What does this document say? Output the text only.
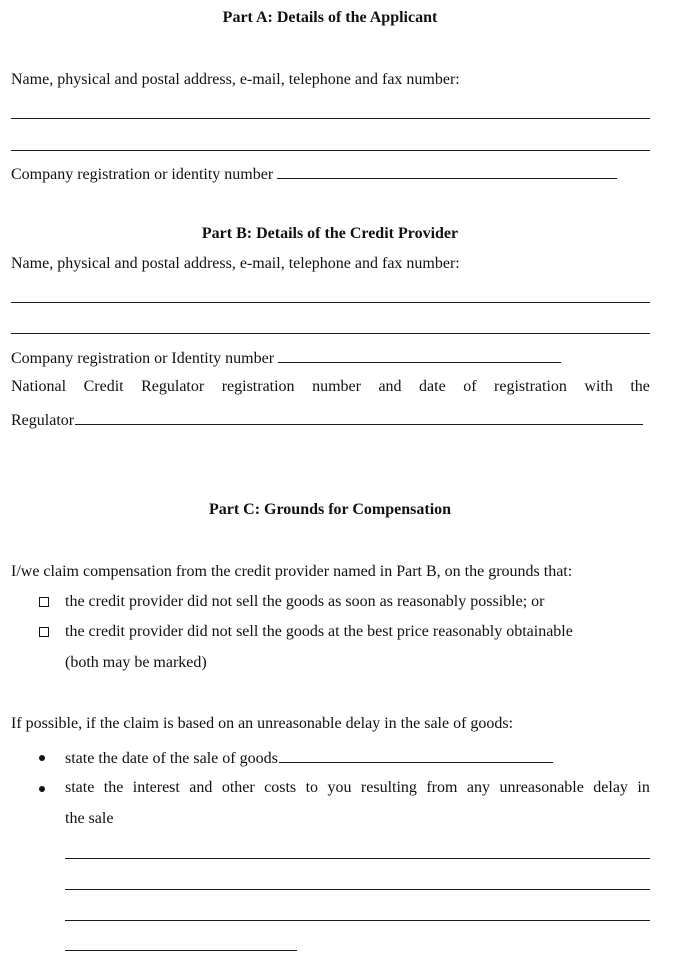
Part A: Details of the Applicant
Name, physical and postal address, e-mail, telephone and fax number:
Company registration or identity number
Part B: Details of the Credit Provider
Name, physical and postal address, e-mail, telephone and fax number:
Company registration or Identity number
National Credit Regulator registration number and date of registration with the
Regulator
Part C: Grounds for Compensation
I/we claim compensation from the credit provider named in Part B, on the grounds that:
the credit provider did not sell the goods as soon as reasonably possible; or
the credit provider did not sell the goods at the best price reasonably obtainable
(both may be marked)
If possible, if the claim is based on an unreasonable delay in the sale of goods:
state the date of the sale of goods
state the interest and other costs to you resulting from any unreasonable delay in
the sale
